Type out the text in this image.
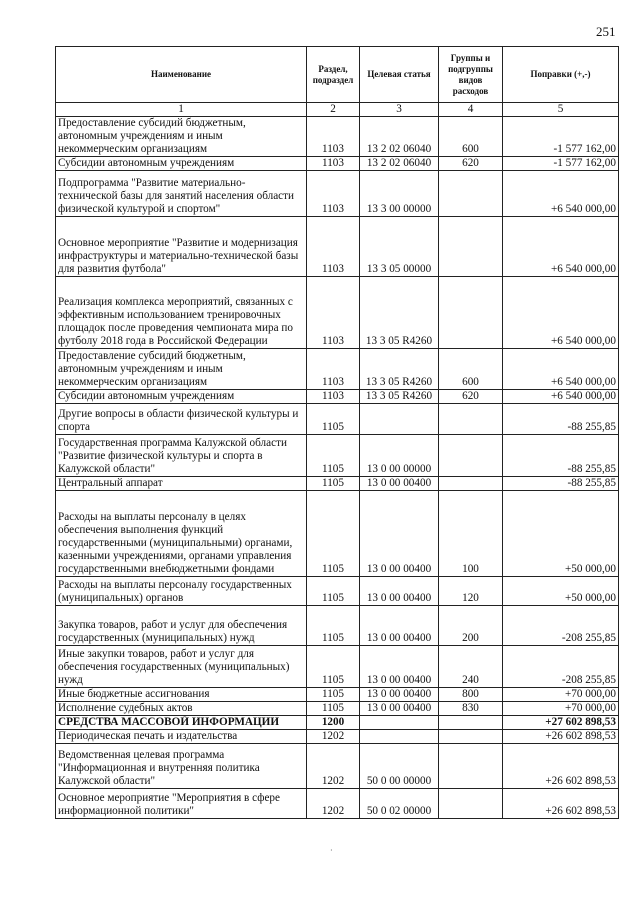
251
Наименование	Раздел, подраздел	Целевая статья	Группы и подгруппы видов расходов	Поправки (+,-)
1	2	3	4	5
Предоставление субсидий бюджетным, автономным учреждениям и иным некоммерческим организациям	1103	13 2 02 06040	600	-1 577 162,00
Субсидии автономным учреждениям	1103	13 2 02 06040	620	-1 577 162,00
Подпрограмма "Развитие материально-технической базы для занятий населения области физической культурой и спортом"	1103	13 3 00 00000		+6 540 000,00
Основное мероприятие "Развитие и модернизация инфраструктуры и материально-технической базы для развития футбола"	1103	13 3 05 00000		+6 540 000,00
Реализация комплекса мероприятий, связанных с эффективным использованием тренировочных площадок после проведения чемпионата мира по футболу 2018 года в Российской Федерации	1103	13 3 05 R4260		+6 540 000,00
Предоставление субсидий бюджетным, автономным учреждениям и иным некоммерческим организациям	1103	13 3 05 R4260	600	+6 540 000,00
Субсидии автономным учреждениям	1103	13 3 05 R4260	620	+6 540 000,00
Другие вопросы в области физической культуры и спорта	1105			-88 255,85
Государственная программа Калужской области "Развитие физической культуры и спорта в Калужской области"	1105	13 0 00 00000		-88 255,85
Центральный аппарат	1105	13 0 00 00400		-88 255,85
Расходы на выплаты персоналу в целях обеспечения выполнения функций государственными (муниципальными) органами, казенными учреждениями, органами управления государственными внебюджетными фондами	1105	13 0 00 00400	100	+50 000,00
Расходы на выплаты персоналу государственных (муниципальных) органов	1105	13 0 00 00400	120	+50 000,00
Закупка товаров, работ и услуг для обеспечения государственных (муниципальных) нужд	1105	13 0 00 00400	200	-208 255,85
Иные закупки товаров, работ и услуг для обеспечения государственных (муниципальных) нужд	1105	13 0 00 00400	240	-208 255,85
Иные бюджетные ассигнования	1105	13 0 00 00400	800	+70 000,00
Исполнение судебных актов	1105	13 0 00 00400	830	+70 000,00
СРЕДСТВА МАССОВОЙ ИНФОРМАЦИИ	1200			+27 602 898,53
Периодическая печать и издательства	1202			+26 602 898,53
Ведомственная целевая программа "Информационная и внутренняя политика Калужской области"	1202	50 0 00 00000		+26 602 898,53
Основное мероприятие "Мероприятия в сфере информационной политики"	1202	50 0 02 00000		+26 602 898,53
·
